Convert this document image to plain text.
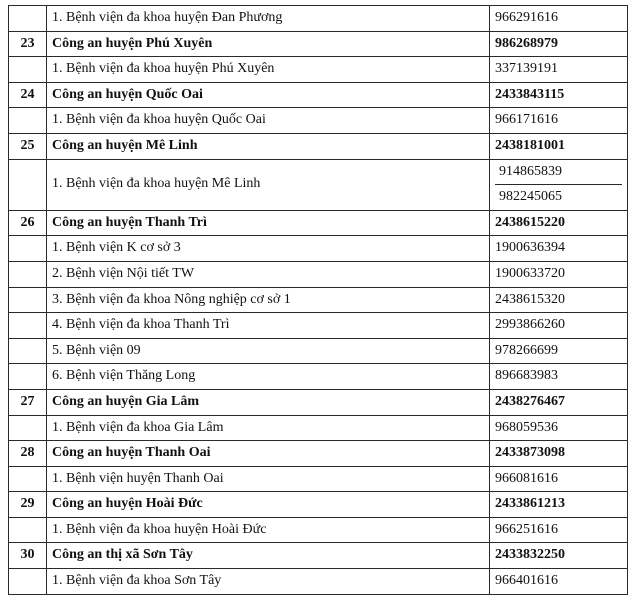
	1. Bệnh viện đa khoa huyện Đan Phương	966291616

23	Công an huyện Phú Xuyên	986268979

	1. Bệnh viện đa khoa huyện Phú Xuyên	337139191

24	Công an huyện Quốc Oai	2433843115

	1. Bệnh viện đa khoa huyện Quốc Oai	966171616

25	Công an huyện Mê Linh	2438181001

	1. Bệnh viện đa khoa huyện Mê Linh	914865839
982245065

26	Công an huyện Thanh Trì	2438615220

	1. Bệnh viện K cơ sở 3	1900636394

	2. Bệnh viện Nội tiết TW	1900633720

	3. Bệnh viện đa khoa Nông nghiệp cơ sở 1	2438615320

	4. Bệnh viện đa khoa Thanh Trì	2993866260

	5. Bệnh viện 09	978266699

	6. Bệnh viện Thăng Long	896683983

27	Công an huyện Gia Lâm	2438276467

	1. Bệnh viện đa khoa Gia Lâm	968059536

28	Công an huyện Thanh Oai	2433873098

	1. Bệnh viện huyện Thanh Oai	966081616

29	Công an huyện Hoài Đức	2433861213

	1. Bệnh viện đa khoa huyện Hoài Đức	966251616

30	Công an thị xã Sơn Tây	2433832250

	1. Bệnh viện đa khoa Sơn Tây	966401616
